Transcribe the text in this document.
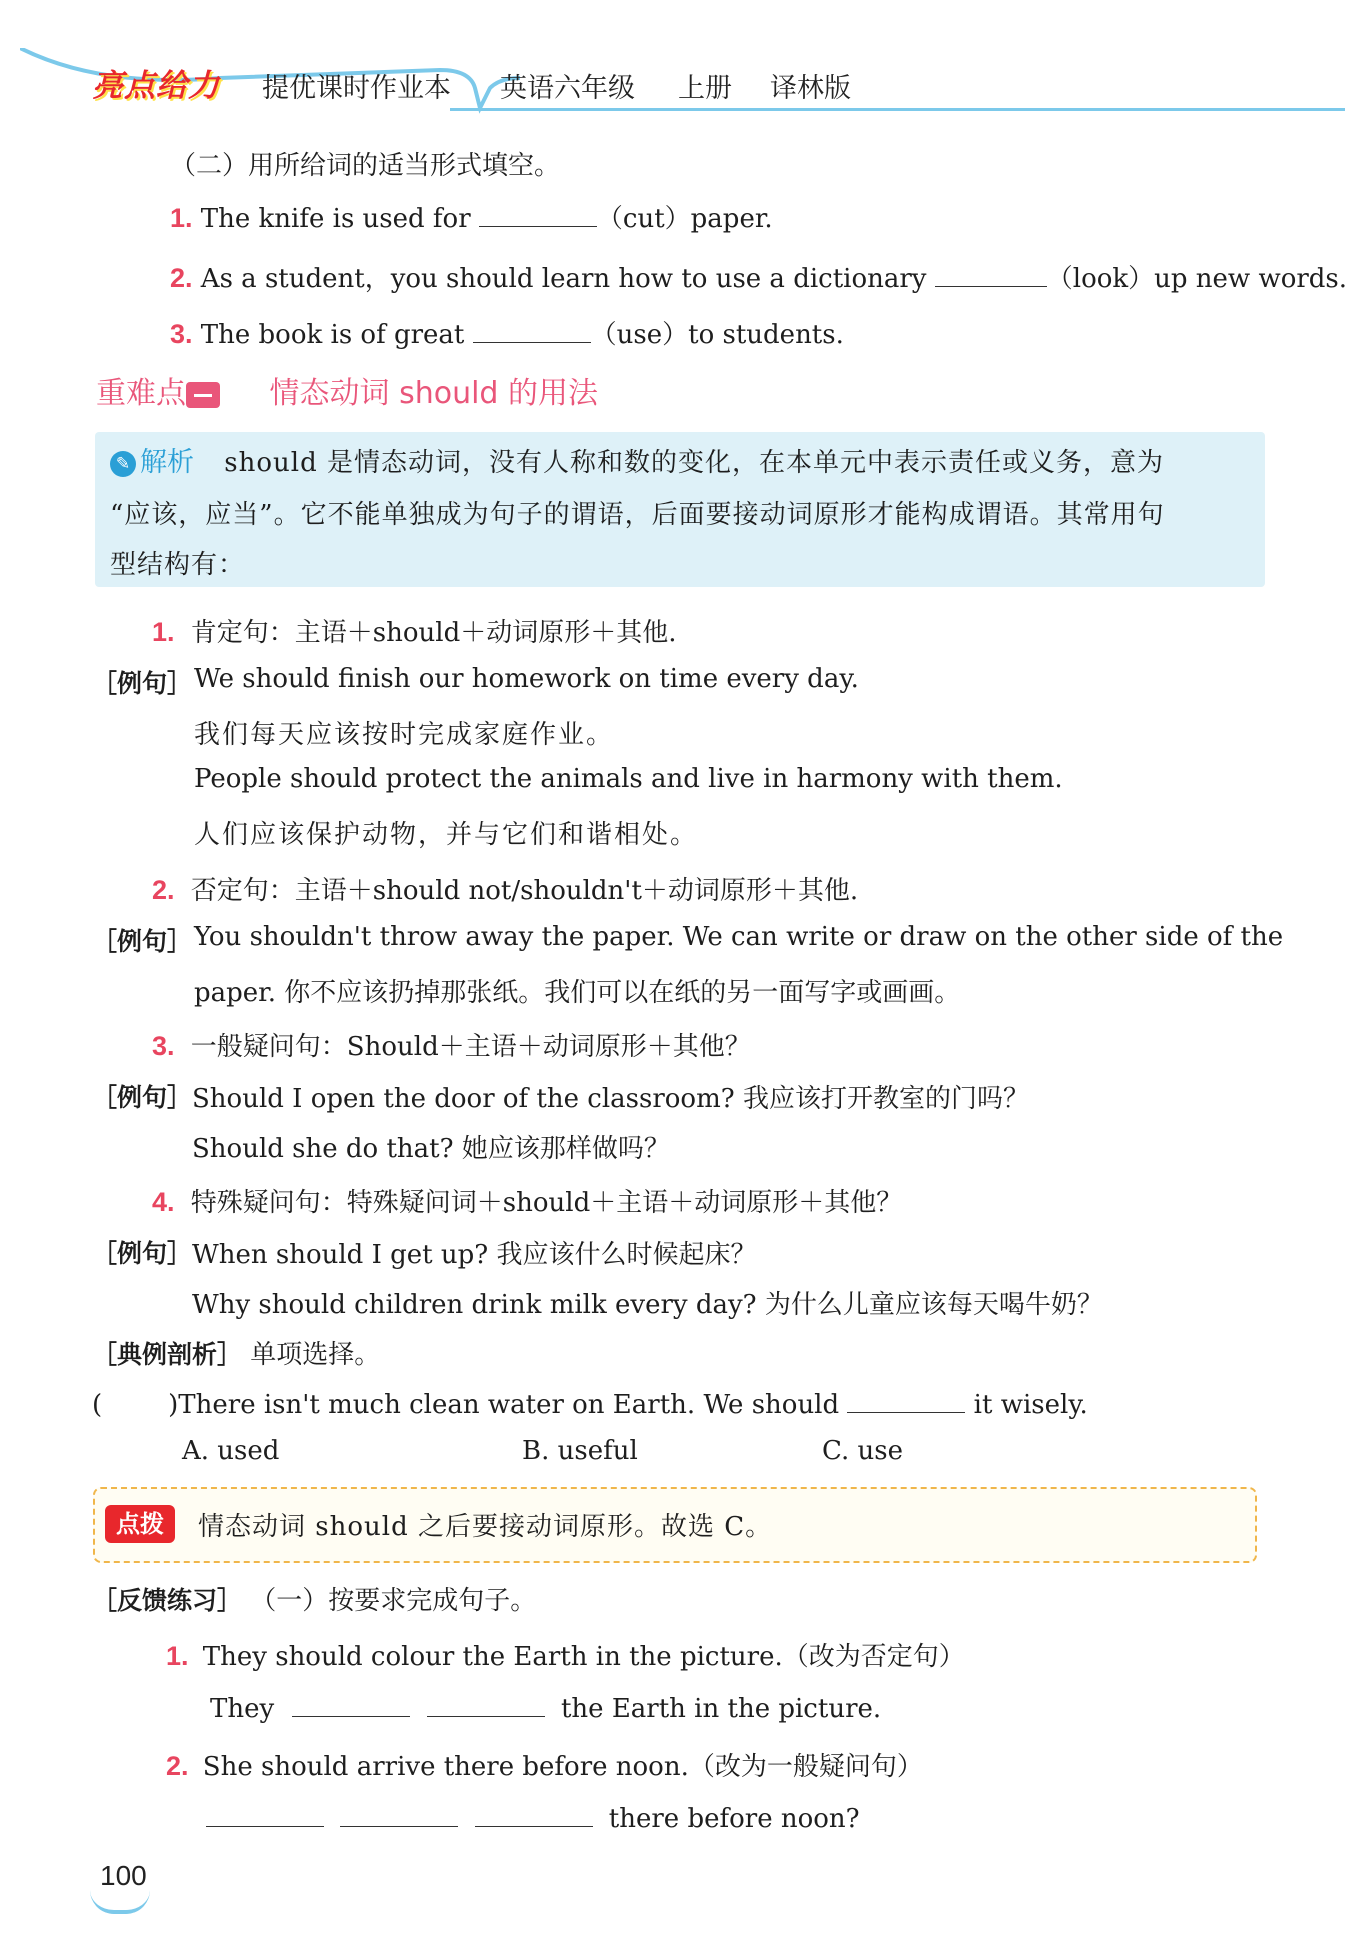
亮点给力 提优课时作业本 英语六年级 上册 译林版
（二）用所给词的适当形式填空。
1. The knife is used for	（cut）paper.
2. As a student，you should learn how to use a dictionary	（look）up new words.
3. The book is of great	（use）to students.
重难点	情态动词 should 的用法
✎ 解析 should 是情态动词，没有人称和数的变化，在本单元中表示责任或义务，意为
“应该，应当”。它不能单独成为句子的谓语，后面要接动词原形才能构成谓语。其常用句
型结构有：
1. 肯定句：主语＋should＋动词原形＋其他.
［例句］ We should finish our homework on time every day.
我们每天应该按时完成家庭作业。
People should protect the animals and live in harmony with them.
人们应该保护动物，并与它们和谐相处。
2. 否定句：主语＋should not/shouldn't＋动词原形＋其他.
［例句］ You shouldn't throw away the paper. We can write or draw on the other side of the
paper. 你不应该扔掉那张纸。我们可以在纸的另一面写字或画画。
3. 一般疑问句：Should＋主语＋动词原形＋其他？
［例句］ Should I open the door of the classroom? 我应该打开教室的门吗？
Should she do that? 她应该那样做吗？
4. 特殊疑问句：特殊疑问词＋should＋主语＋动词原形＋其他？
［例句］ When should I get up? 我应该什么时候起床？
Why should children drink milk every day? 为什么儿童应该每天喝牛奶？
［典例剖析］ 单项选择。
(	)There isn't much clean water on Earth. We should	it wisely.
A. used	B. useful	C. use
点拨	情态动词 should 之后要接动词原形。故选 C。
［反馈练习］ （一）按要求完成句子。
1. They should colour the Earth in the picture.（改为否定句）
They	the Earth in the picture.
2. She should arrive there before noon.（改为一般疑问句）
there before noon?
100
